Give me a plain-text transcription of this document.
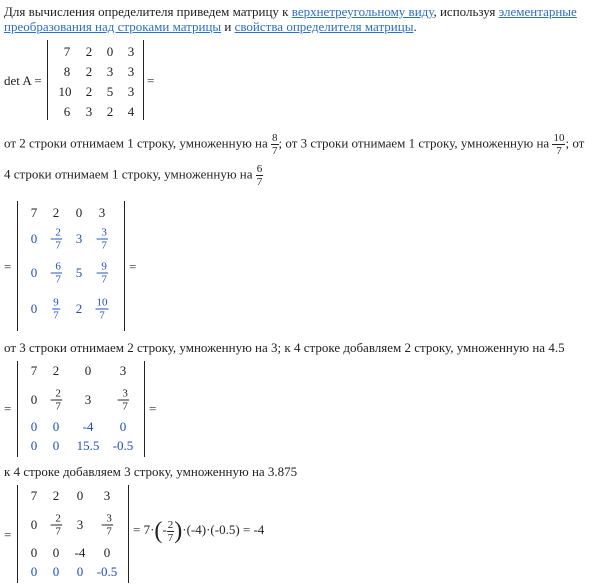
Для вычисления определителя приведем матрицу к верхнетреугольному виду, используя элементарные
преобразования над строками матрицы и свойства определителя матрицы.
det A =
7 2 0 3
8 2 3 3
10 2 5 3
6 3 2 4
=
от 2 строки отнимаем 1 строку, умноженную на $\frac{8}{7}$ ; от 3 строки отнимаем 1 строку, умноженную на $\frac{10}{7}$ ; от
4 строки отнимаем 1 строку, умноженную на $\frac{6}{7}$
=
7 2 0 3
$0 - \frac{2}{7} 3 - \frac{3}{7}$
$0 - \frac{6}{7} 5 - \frac{9}{7}$
$0 \frac{9}{7} 2 \frac{10}{7}$
=
от 3 строки отнимаем 2 строку, умноженную на 3; к 4 строке добавляем 2 строку, умноженную на 4.5
=
7 2 0 3
$0 - \frac{2}{7} 3 - \frac{3}{7}$
0 0 -4 0
0 0 15.5 -0.5
=
к 4 строке добавляем 3 строку, умноженную на 3.875
=
7 2 0 3
$0 - \frac{2}{7} 3 - \frac{3}{7}$
0 0 -4 0
0 0 0 -0.5
= $7\cdot(- \frac{2}{7} )\cdot(-4)\cdot(-0.5) = -4$
